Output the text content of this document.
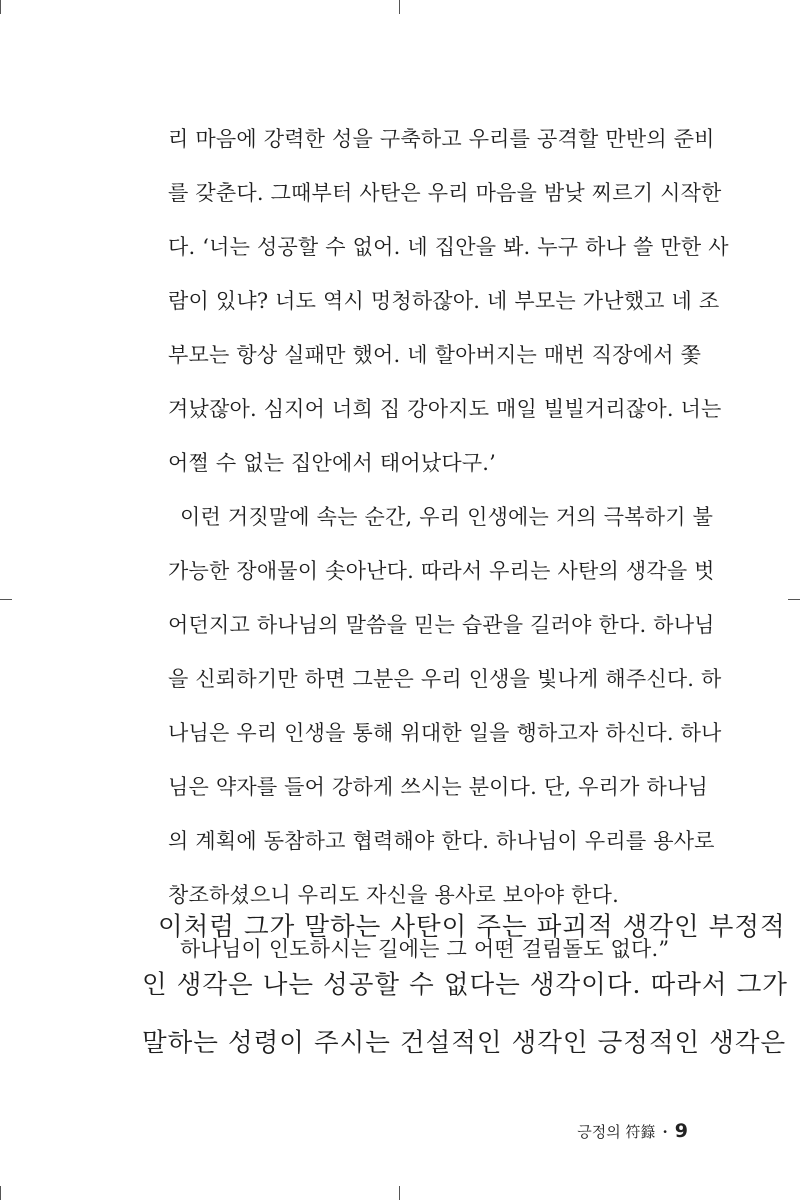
리 마음에 강력한 성을 구축하고 우리를 공격할 만반의 준비
를 갖춘다. 그때부터 사탄은 우리 마음을 밤낮 찌르기 시작한
다. ‘너는 성공할 수 없어. 네 집안을 봐. 누구 하나 쓸 만한 사
람이 있냐? 너도 역시 멍청하잖아. 네 부모는 가난했고 네 조
부모는 항상 실패만 했어. 네 할아버지는 매번 직장에서 쫓
겨났잖아. 심지어 너희 집 강아지도 매일 빌빌거리잖아. 너는
어쩔 수 없는 집안에서 태어났다구.’
이런 거짓말에 속는 순간, 우리 인생에는 거의 극복하기 불
가능한 장애물이 솟아난다. 따라서 우리는 사탄의 생각을 벗
어던지고 하나님의 말씀을 믿는 습관을 길러야 한다. 하나님
을 신뢰하기만 하면 그분은 우리 인생을 빛나게 해주신다. 하
나님은 우리 인생을 통해 위대한 일을 행하고자 하신다. 하나
님은 약자를 들어 강하게 쓰시는 분이다. 단, 우리가 하나님
의 계획에 동참하고 협력해야 한다. 하나님이 우리를 용사로
창조하셨으니 우리도 자신을 용사로 보아야 한다.
하나님이 인도하시는 길에는 그 어떤 걸림돌도 없다.”
이처럼 그가 말하는 사탄이 주는 파괴적 생각인 부정적
인 생각은 나는 성공할 수 없다는 생각이다. 따라서 그가
말하는 성령이 주시는 건설적인 생각인 긍정적인 생각은
긍정의 符籙 · 9
